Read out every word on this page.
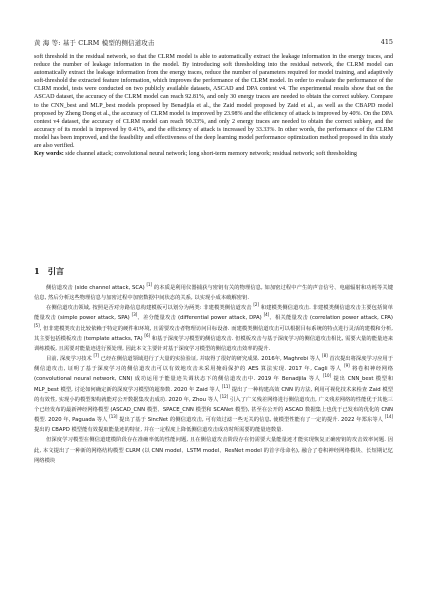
黄 海 等: 基于 CLRM 模型的侧信道攻击	415

soft threshold in the residual network, so that the CLRM model is able to automatically extract the leakage information in the energy traces, and reduce the number of leakage information in the model. By introducing soft thresholding into the residual network, the CLRM model can automatically extract the leakage information from the energy traces, reduce the number of parameters required for model training, and adaptively soft-threshold the extracted feature information, which improves the performance of the CLRM model. In order to evaluate the performance of the CLRM model, tests were conducted on two publicly available datasets, ASCAD and DPA contest v4. The experimental results show that on the ASCAD dataset, the accuracy of the CLRM model can reach 92.81%, and only 30 energy traces are needed to obtain the correct subkey. Compare to the CNN_best and MLP_best models proposed by Benadjila et al., the Zaid model proposed by Zaid et al., as well as the CBAPD model proposed by Zheng Dong et al., the accuracy of CLRM model is improved by 23.98% and the efficiency of attack is improved by 40%. On the DPA contest v4 dataset, the accuracy of CLRM model can reach 90.33%, and only 2 energy traces are needed to obtain the correct subkey, and the accuracy of its model is improved by 0.41%, and the efficiency of attack is increased by 33.33%. In other words, the performance of the CLRM model has been improved, and the feasibility and effectiveness of the deep learning model performance optimization method proposed in this study are also verified.

Key words: side channel attack; convolutional neural network; long short-term memory network; residual network; soft thresholding

1 引言

侧信道攻击 (side channel attack, SCA) [1] 的本质是利用仪器捕获与密钥有关的物理信息, 如加密过程中产生的声音信号、电磁辐射和功耗等关键信息, 然后分析这些物理信息与加密过程中加密数据中间状态的关系, 以实现小成本破解密钥.

在侧信道攻击领域, 按照是否对旁路信息构建模板可以划分为两类: 非建模类侧信道攻击 [2] 和建模类侧信道攻击. 非建模类侧信道攻击主要包括简单能量攻击 (simple power attack, SPA) [3]、差分能量攻击 (differential power attack, DPA) [4]、相关能量攻击 (correlation power attack, CPA) [5], 但非建模类攻击比较依赖于特定的硬件和环境, 且需要攻击者物理访问目标设备. 而建模类侧信道攻击可以根据目标系统的特点进行灵活的建模和分析, 其主要包括模板攻击 (template attacks, TA) [6] 和基于深度学习模型的侧信道攻击. 但模板攻击与基于深度学习的侧信道攻击相比, 需要大量的能量迹来训练模板, 且需要对能量迹进行预处理, 因此本文主要针对基于深度学习模型的侧信道攻击效率的提升.

目前, 深度学习技术 [7] 已经在侧信道领域进行了大量的实验验证, 并取得了很好的研究成果. 2016年, Maghrebi 等人 [8] 首次提出将深度学习应用于侧信道攻击, 证明了基于深度学习的侧信道攻击可以有效地攻击未采用掩码保护的 AES 算法实现. 2017 年, Cagli 等人 [9] 将卷积神经网络 (convolutional neural network, CNN) 成功运用于能量迹失调状态下的侧信道攻击中. 2019 年 Benadjila 等人 [10] 提出 CNN_best 模型和 MLP_best 模型, 讨论如何确定新的深度学习模型的超参数. 2020 年 Zaid 等人 [11] 提出了一种构建高效 CNN 的方法, 利用可视化技术来检查 Zaid 模型的有效性, 实现小的模型架构就能对公开数据集攻击成功. 2020 年, Zhou 等人 [12] 引入了广义残差网络进行侧信道攻击, 广义残差网络的性能优于其他三个已经发布的最新神经网络模型 (ASCAD_CNN 模型、SPACE_CNN 模型和 SCANet 模型), 甚至在公开的 ASCAD 数据集上也优于已发布的优化的 CNN 模型. 2020 年, Paguada 等人 [13] 提出了基于 SincNet 的侧信道攻击, 可有效过滤一些无关的信息, 使模型性能有了一定的提升. 2022 年郑东等人 [14] 提出的 CBAPD 模型能有效提取能量迹的特征, 并在一定程度上降低侧信道攻击成功时所需要的能量迹数量.

但深度学习模型在侧信道建模阶段存在准确率低的性能问题, 且在侧信道攻击阶段存在仍需要大量能量迹才能实现恢复正确密钥的攻击效率问题. 因此, 本文提出了一种新的网络结构模型 CLRM (以 CNN model、LSTM model、ResNet model 的首字母命名), 融合了卷积神经网络模块、长短期记忆网络模块
